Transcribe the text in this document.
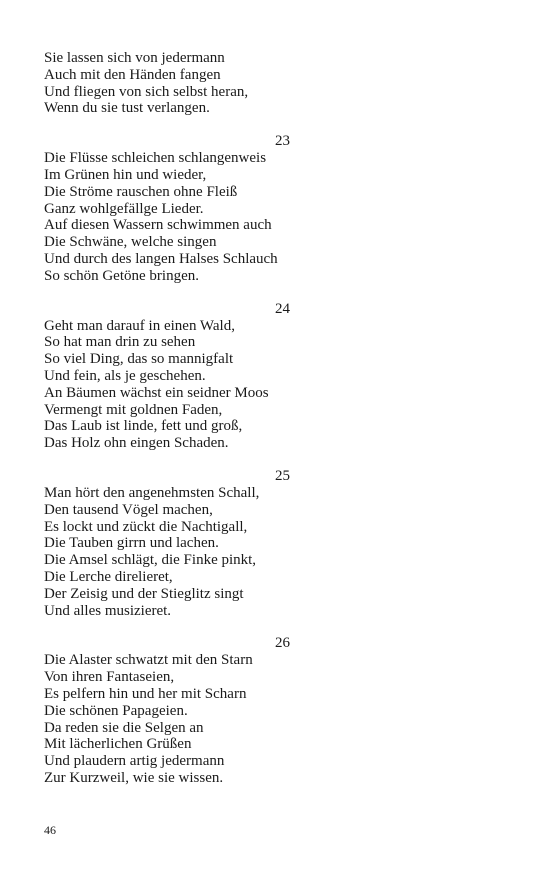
Sie lassen sich von jedermann
Auch mit den Händen fangen
Und fliegen von sich selbst heran,
Wenn du sie tust verlangen.
23
Die Flüsse schleichen schlangenweis
Im Grünen hin und wieder,
Die Ströme rauschen ohne Fleiß
Ganz wohlgefällge Lieder.
Auf diesen Wassern schwimmen auch
Die Schwäne, welche singen
Und durch des langen Halses Schlauch
So schön Getöne bringen.
24
Geht man darauf in einen Wald,
So hat man drin zu sehen
So viel Ding, das so mannigfalt
Und fein, als je geschehen.
An Bäumen wächst ein seidner Moos
Vermengt mit goldnen Faden,
Das Laub ist linde, fett und groß,
Das Holz ohn eingen Schaden.
25
Man hört den angenehmsten Schall,
Den tausend Vögel machen,
Es lockt und zückt die Nachtigall,
Die Tauben girrn und lachen.
Die Amsel schlägt, die Finke pinkt,
Die Lerche direlieret,
Der Zeisig und der Stieglitz singt
Und alles musizieret.
26
Die Alaster schwatzt mit den Starn
Von ihren Fantaseien,
Es pelfern hin und her mit Scharn
Die schönen Papageien.
Da reden sie die Selgen an
Mit lächerlichen Grüßen
Und plaudern artig jedermann
Zur Kurzweil, wie sie wissen.
46
